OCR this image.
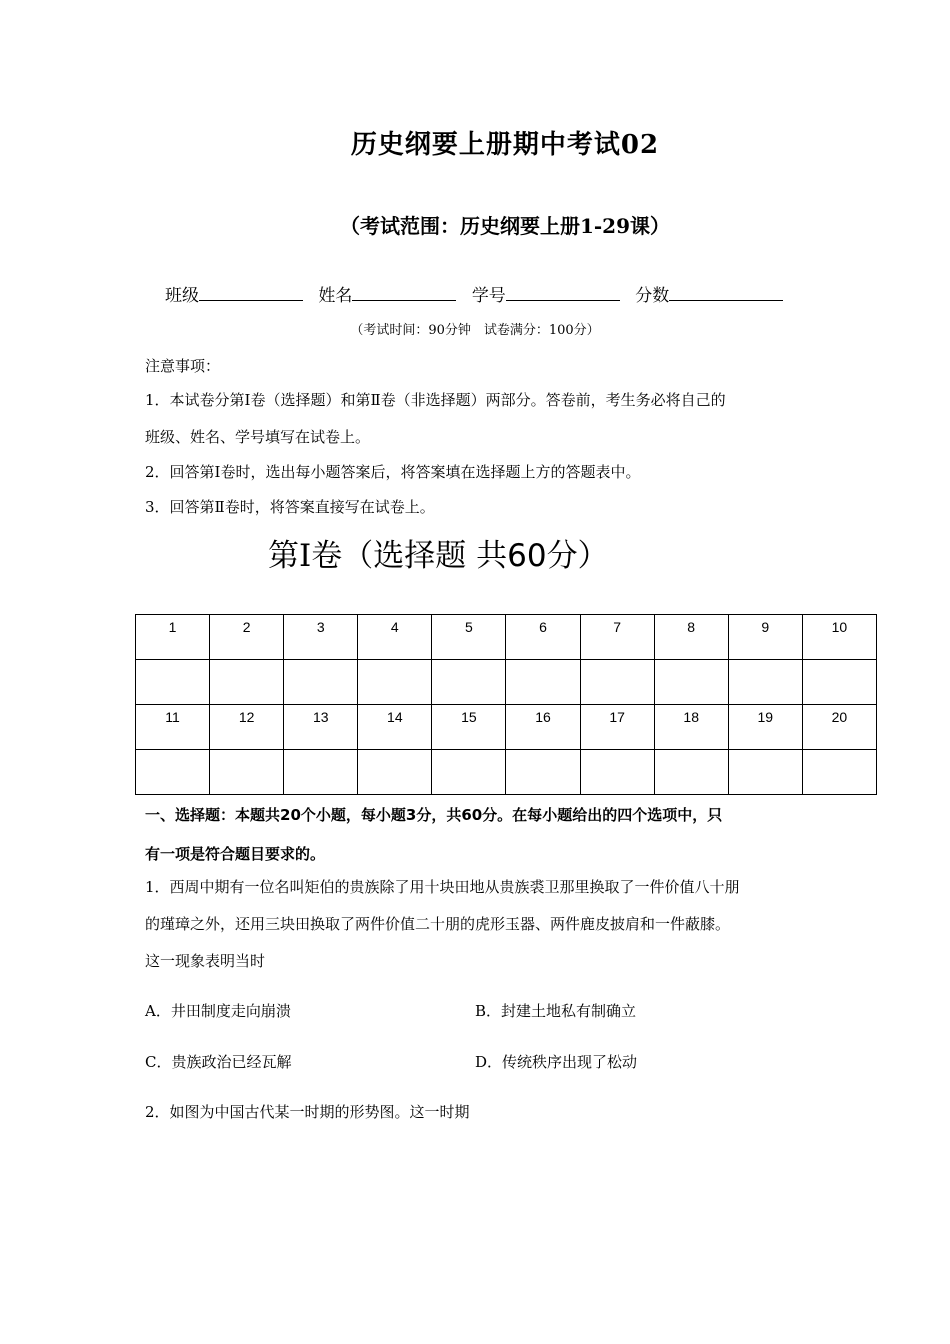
历史纲要上册期中考试02
（考试范围：历史纲要上册1-29课）
班级	姓名	学号	分数
（考试时间：90分钟　试卷满分：100分）
注意事项：
1．本试卷分第Ⅰ卷（选择题）和第Ⅱ卷（非选择题）两部分。答卷前，考生务必将自己的
班级、姓名、学号填写在试卷上。
2．回答第Ⅰ卷时，选出每小题答案后，将答案填在选择题上方的答题表中。
3．回答第Ⅱ卷时，将答案直接写在试卷上。
第Ⅰ卷（选择题 共60分）
1	2	3	4	5	6	7	8	9	10

11	12	13	14	15	16	17	18	19	20

一、选择题：本题共20个小题，每小题3分，共60分。在每小题给出的四个选项中，只
有一项是符合题目要求的。
1．西周中期有一位名叫矩伯的贵族除了用十块田地从贵族裘卫那里换取了一件价值八十朋
的瑾璋之外，还用三块田换取了两件价值二十朋的虎形玉器、两件鹿皮披肩和一件蔽膝。
这一现象表明当时
A．井田制度走向崩溃	B．封建土地私有制确立
C．贵族政治已经瓦解	D．传统秩序出现了松动
2．如图为中国古代某一时期的形势图。这一时期
